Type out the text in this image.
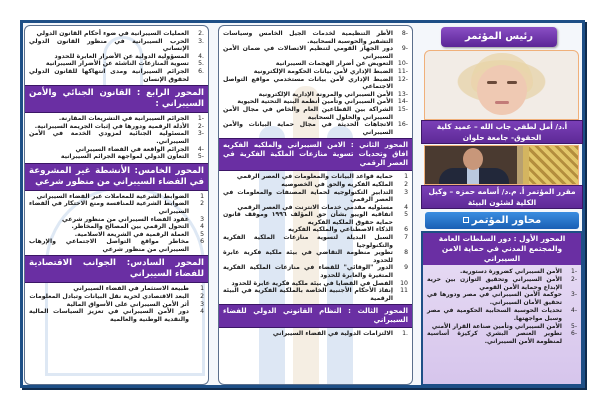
.2
العمليات السيبرانية في ضوء أحكام القانون الدولي
.3
الحرب السيبرانية في منظور القانون الدولي الإنساني
.4
المسؤولية الدولية عن الأضرار العابرة للحدود
.5
تسوية المنازعات الناشئة عن الأضرار السيبرانية
.6
الجرائم السيبرانية ومدى انتهاكها للقانون الدولي لحقوق الإنسان
المحور الرابع : القانون الجنائي والأمن السيبراني :
-1
الجرائم السيبرانية في التشريعات المقارنة.
-2
الأدلة الرقمية ودورها في إثبات الجريمة السيبرانية.
-3
المسئولية الجنائية لمزودي الخدمة في الأمن السيبراني.
-4
الجرائم الواقعة في الفضاء السيبراني
-5
التعاون الدولي لمواجهة الجرائم السيبرانية
المحور الخامس: الأنشطة غير المشروعة في الفضاء السيبراني من منظور شرعي
1
الضوابط الشرعية للمعاملات عبر الفضاء السيبراني
2
الضوابط الشرعية للمنافسة ومنع الاحتكار في الفضاء السيبراني
3
عقود الفضاء السيبراني من منظور شرعي
4
التحول الرقمي بين المصالح والمخاطر.
5
العملة الرقمية في الشريعة الاسلامية.
6
مخاطر مواقع التواصل الاجتماعي والإرهاب السيبراني من منظور شرعي
المحور السادس: الجوانب الاقتصادية للفضاء السيبراني
1
طبيعة الاستثمار في الفضاء السيبراني
2
البعد الاقتصادي لحرية نقل البيانات وتبادل المعلومات
3
أثر الأمن السيبراني على الأسواق المالية
4
دور الأمن السيبراني في تعزيز السياسات المالية والنقدية الوطنية والعالمية
-8
الأطر التنظيمية لخدمات الجيل الخامس وسياسات التشفير والحوسبة السحابية.
-9
دور الجهاز القومي لتنظيم الاتصالات في ضمان الأمن السيبراني
-10
التعويض عن أضرار الهجمات السيبرانية
-11
الضبط الإداري لأمن بيانات الحكومة الإلكترونية
-12
الضبط الإداري لأمن بيانات مستخدمي مواقع التواصل الاجتماعي
-13
الأمن السيبراني والمرونة الإدارية الإلكترونية
-14
الأمن السيبراني وتأمين أنظمة البنية التحتية الحيوية
-15
الشراكة بين القطاعين العام والخاص في مجال الأمن السيبراني والحلول السحابية
-16
الاتجاهات الحديثة في مجال حماية البيانات والأمن السيبراني
المحور الثاني : الامن السيبراني والملكيه الفكريه افاق وتحديات تسوية منازعات الملكية الفكرية في العصر الرقمي
1
حماية قواعد البيانات والمعلومات في العصر الرقمي
2
الملكيه الفكريه والحق في الخصوصيه
3
التدابير التكنولوجيه لحماية المصنفات والمعلومات في العصر الرقمي
4
مسئوليه مقدمي خدمات الانترنت في العصر الرقمي
5
اتفاقيه الويبو بشأن حق المؤلف ١٩٩٦ وموقف قانون حماية حقوق الملكيه الفكريه
6
الذكاء الاصطناعي والملكيه الفكريه
7
السبل البديلة لتسوية منازعات الملكية الفكرية والتكنولوجيا
8
تطوير منظومة التقاضي في بيئة ملكية فكرية عابرة للحدود
9
الدور "الوقائي" للقضاء في منازعات الملكية الفكرية المتغيرة والعابرة للحدود
10
الفصل في القضايا في بيئة ملكية فكرية عابرة للحدود
11
إنفاذ الأحكام الأجنبية الخاصة بالملكية الفكرية في البيئة الرقمية
المحور الثالث : النظام القانوني الدولي للفضاء السيبراني
.1
الالتزامات الدولية في الفضاء السيبراني
رئيس المؤتمر
أ.د/ أمل لطفي جاب الله – عميد كلية الحقوق- جامعة حلوان
مقرر المؤتمر أ. م.د/ أسامه حمزه – وكيل الكلية لشئون البيئة
محاور المؤتمر
المحور الأول : دور السلطات العامة والمجتمع المدني في حماية الامن السيبراني
-1
الأمن السيبراني كضرورة دستورية.
-2
الأمن السيبراني وتحقيق التوازن بين حرية الإبداع وحماية الأمن القومي
-3
حوكمة الأمن السيبراني في مصر ودورها في تحقيق الأمان السيبراني.
-4
تحديات الحوسبة السحابية الحكومية في مصر وسبل مواجهتها.
-5
الأمن السيبراني وتأمين صناعة القرار الأمني
-6
تطوير العنصر البشري كركيزة أساسية لمنظومة الأمن السيبراني.
